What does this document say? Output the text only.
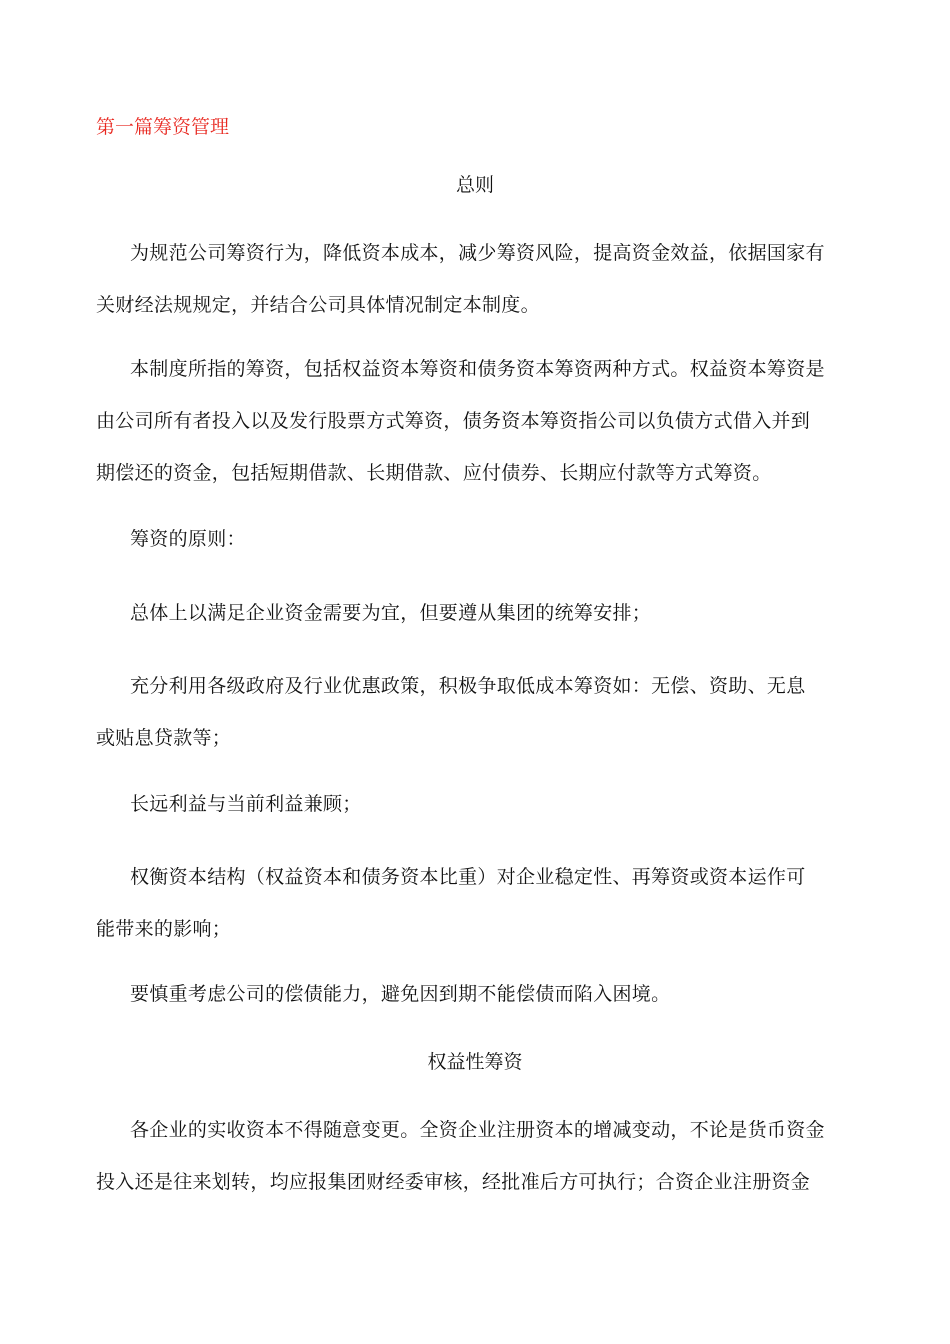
第一篇筹资管理
总则
为规范公司筹资行为，降低资本成本，减少筹资风险，提高资金效益，依据国家有
关财经法规规定，并结合公司具体情况制定本制度。
本制度所指的筹资，包括权益资本筹资和债务资本筹资两种方式。权益资本筹资是
由公司所有者投入以及发行股票方式筹资，债务资本筹资指公司以负债方式借入并到
期偿还的资金，包括短期借款、长期借款、应付债券、长期应付款等方式筹资。
筹资的原则：
总体上以满足企业资金需要为宜，但要遵从集团的统筹安排；
充分利用各级政府及行业优惠政策，积极争取低成本筹资如：无偿、资助、无息
或贴息贷款等；
长远利益与当前利益兼顾；
权衡资本结构（权益资本和债务资本比重）对企业稳定性、再筹资或资本运作可
能带来的影响；
要慎重考虑公司的偿债能力，避免因到期不能偿债而陷入困境。
权益性筹资
各企业的实收资本不得随意变更。全资企业注册资本的增减变动，不论是货币资金
投入还是往来划转，均应报集团财经委审核，经批准后方可执行；合资企业注册资金
